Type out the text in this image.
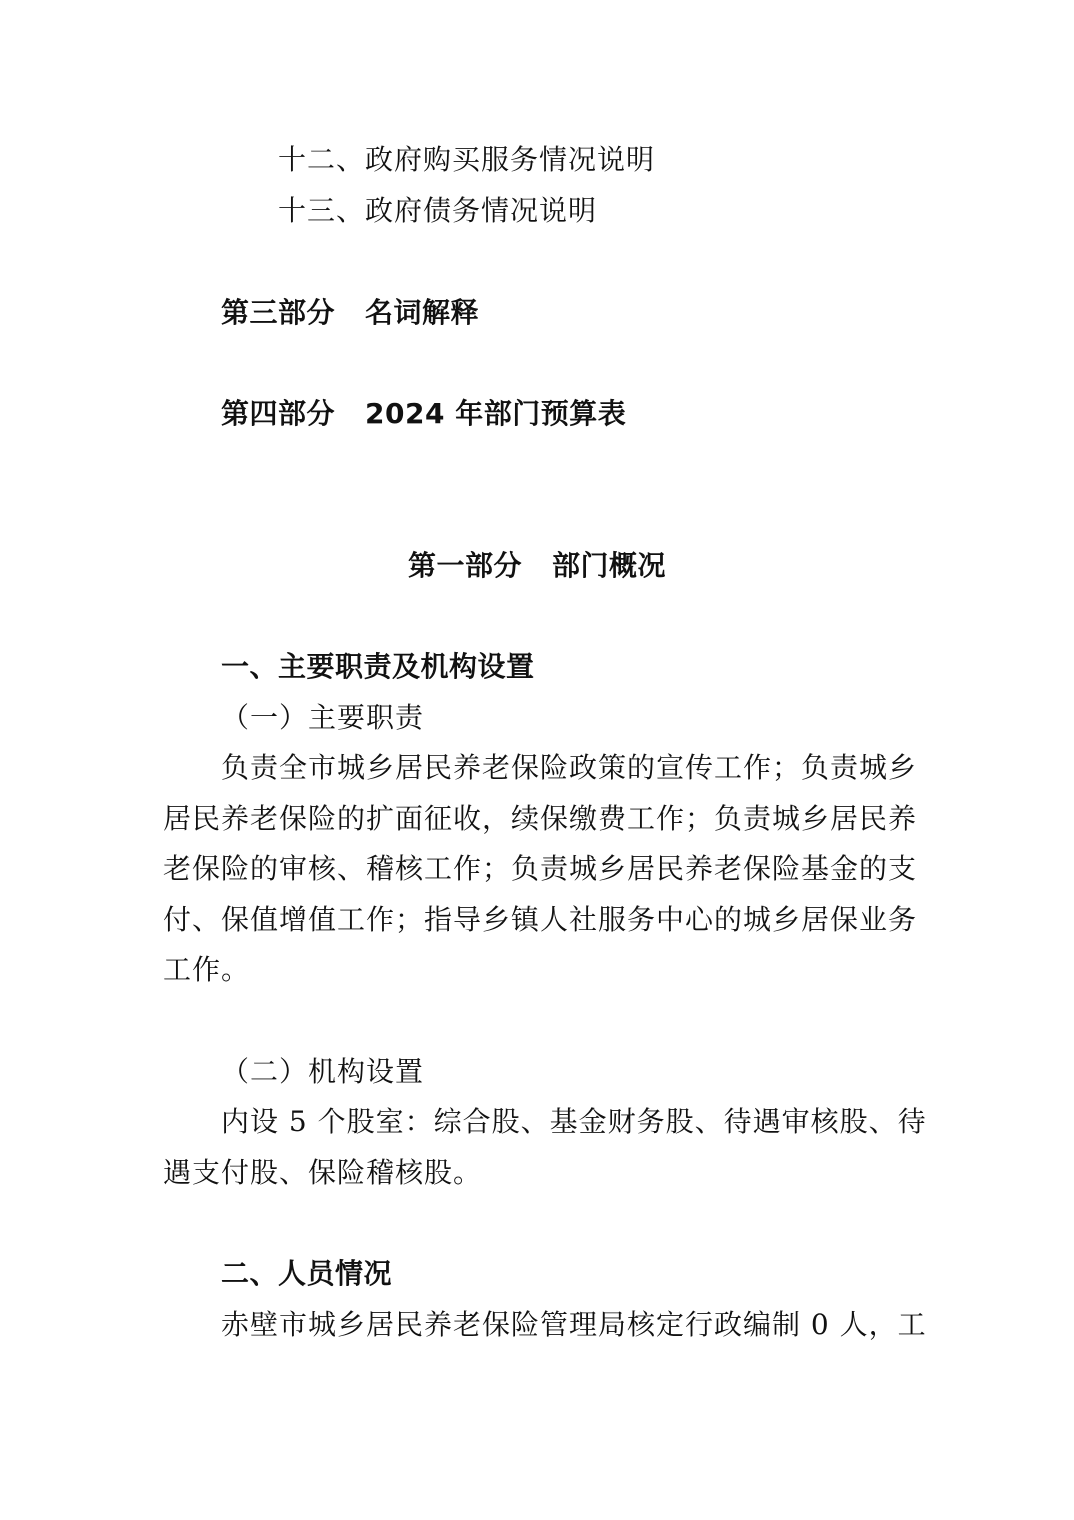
十二、政府购买服务情况说明
十三、政府债务情况说明
第三部分 名词解释
第四部分 2024 年部门预算表
第一部分 部门概况
一、主要职责及机构设置
（一）主要职责
负责全市城乡居民养老保险政策的宣传工作；负责城乡
居民养老保险的扩面征收，续保缴费工作；负责城乡居民养
老保险的审核、稽核工作；负责城乡居民养老保险基金的支
付、保值增值工作；指导乡镇人社服务中心的城乡居保业务
工作。
（二）机构设置
内设 5 个股室：综合股、基金财务股、待遇审核股、待
遇支付股、保险稽核股。
二、人员情况
赤壁市城乡居民养老保险管理局核定行政编制 0 人，工
